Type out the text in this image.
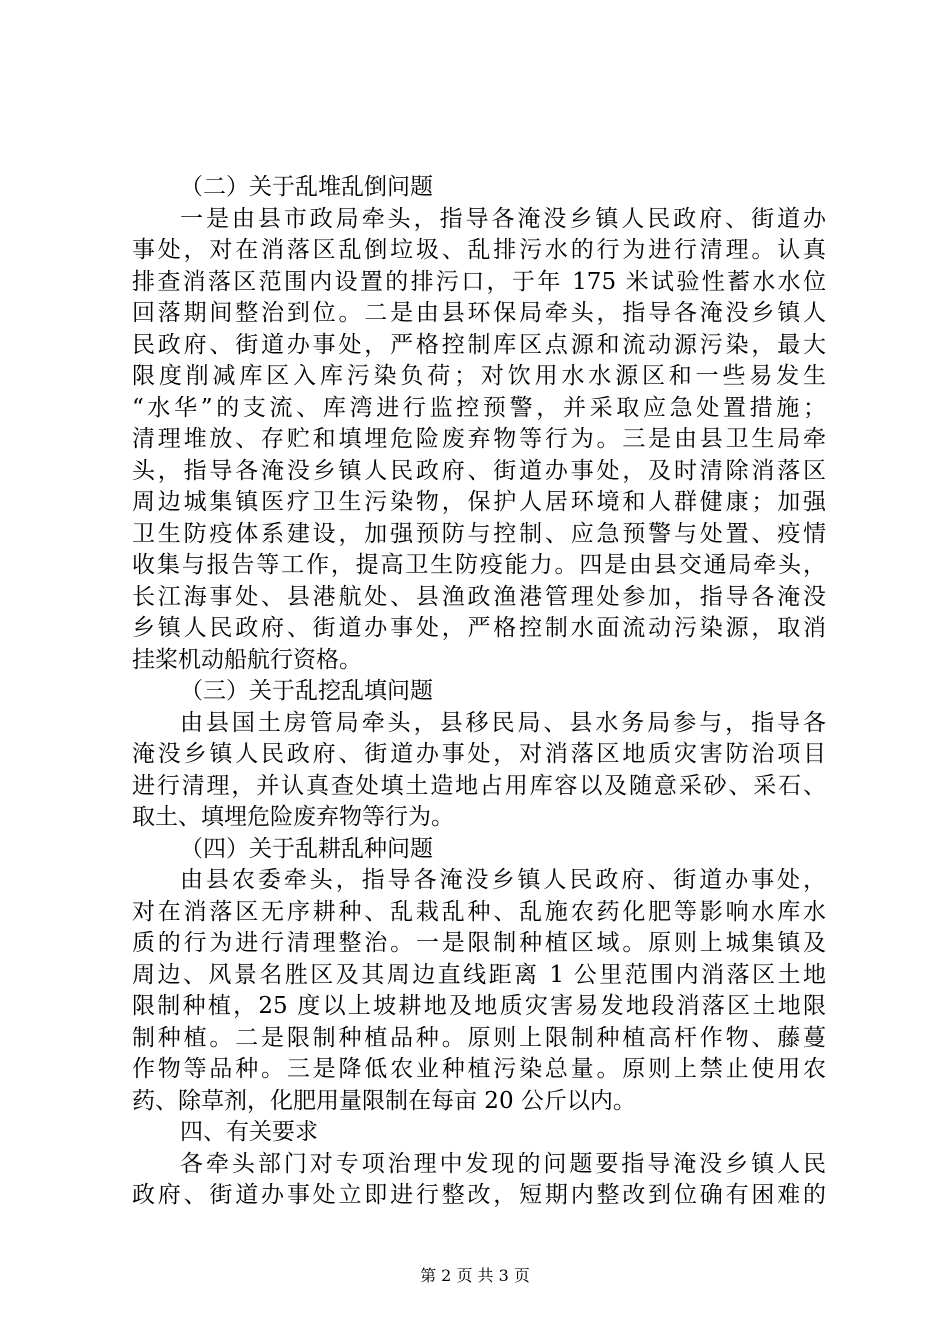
（二）关于乱堆乱倒问题
一是由县市政局牵头，指导各淹没乡镇人民政府、街道办
事处，对在消落区乱倒垃圾、乱排污水的行为进行清理。认真
排查消落区范围内设置的排污口，于年 175 米试验性蓄水水位
回落期间整治到位。二是由县环保局牵头，指导各淹没乡镇人
民政府、街道办事处，严格控制库区点源和流动源污染，最大
限度削减库区入库污染负荷；对饮用水水源区和一些易发生
“水华”的支流、库湾进行监控预警，并采取应急处置措施；
清理堆放、存贮和填埋危险废弃物等行为。三是由县卫生局牵
头，指导各淹没乡镇人民政府、街道办事处，及时清除消落区
周边城集镇医疗卫生污染物，保护人居环境和人群健康；加强
卫生防疫体系建设，加强预防与控制、应急预警与处置、疫情
收集与报告等工作，提高卫生防疫能力。四是由县交通局牵头，
长江海事处、县港航处、县渔政渔港管理处参加，指导各淹没
乡镇人民政府、街道办事处，严格控制水面流动污染源，取消
挂桨机动船航行资格。
（三）关于乱挖乱填问题
由县国土房管局牵头，县移民局、县水务局参与，指导各
淹没乡镇人民政府、街道办事处，对消落区地质灾害防治项目
进行清理，并认真查处填土造地占用库容以及随意采砂、采石、
取土、填埋危险废弃物等行为。
（四）关于乱耕乱种问题
由县农委牵头，指导各淹没乡镇人民政府、街道办事处，
对在消落区无序耕种、乱栽乱种、乱施农药化肥等影响水库水
质的行为进行清理整治。一是限制种植区域。原则上城集镇及
周边、风景名胜区及其周边直线距离 1 公里范围内消落区土地
限制种植，25 度以上坡耕地及地质灾害易发地段消落区土地限
制种植。二是限制种植品种。原则上限制种植高杆作物、藤蔓
作物等品种。三是降低农业种植污染总量。原则上禁止使用农
药、除草剂，化肥用量限制在每亩 20 公斤以内。
四、有关要求
各牵头部门对专项治理中发现的问题要指导淹没乡镇人民
政府、街道办事处立即进行整改，短期内整改到位确有困难的
第 2 页 共 3 页
